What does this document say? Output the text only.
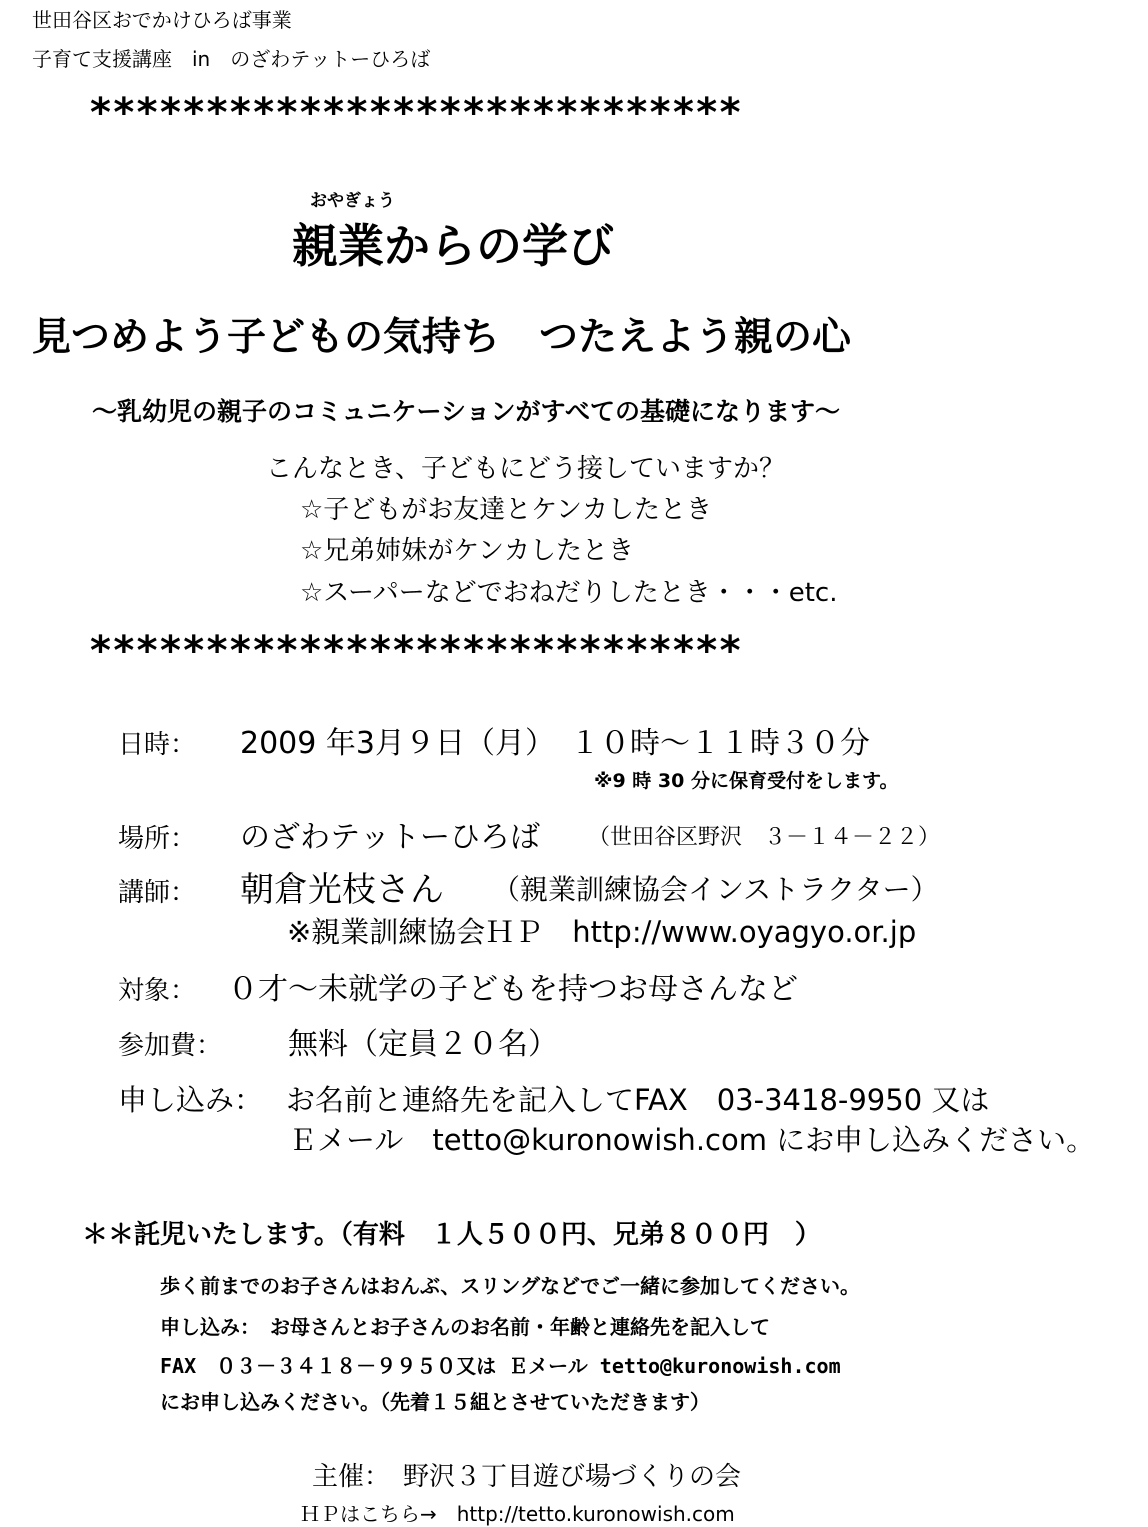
世田谷区おでかけひろば事業
子育て支援講座　in　のざわテットーひろば
****************************
おやぎょう
親業からの学び
見つめよう子どもの気持ち　つたえよう親の心
～乳幼児の親子のコミュニケーションがすべての基礎になります～
こんなとき、子どもにどう接していますか？
☆子どもがお友達とケンカしたとき
☆兄弟姉妹がケンカしたとき
☆スーパーなどでおねだりしたとき・・・etc.
****************************
日時： 2009 年3月９日（月）　１０時～１１時３０分
※9 時 30 分に保育受付をします。
場所： のざわテットーひろば （世田谷区野沢　３－１４－２２）
講師： 朝倉光枝さん （親業訓練協会インストラクター）
※親業訓練協会ＨＰ　http://www.oyagyo.or.jp
対象： ０才～未就学の子どもを持つお母さんなど
参加費： 無料（定員２０名）
申し込み： お名前と連絡先を記入してFAX　03-3418-9950 又は
Ｅメール　tetto@kuronowish.com にお申し込みください。
＊＊託児いたします。（有料　１人５００円、兄弟８００円　）
歩く前までのお子さんはおんぶ、スリングなどでご一緒に参加してください。
申し込み：　お母さんとお子さんのお名前・年齢と連絡先を記入して
FAX　０３－３４１８－９９５０又は Ｅメール tetto@kuronowish.com
にお申し込みください。（先着１５組とさせていただきます）
主催：　野沢３丁目遊び場づくりの会
ＨＰはこちら→　http://tetto.kuronowish.com
